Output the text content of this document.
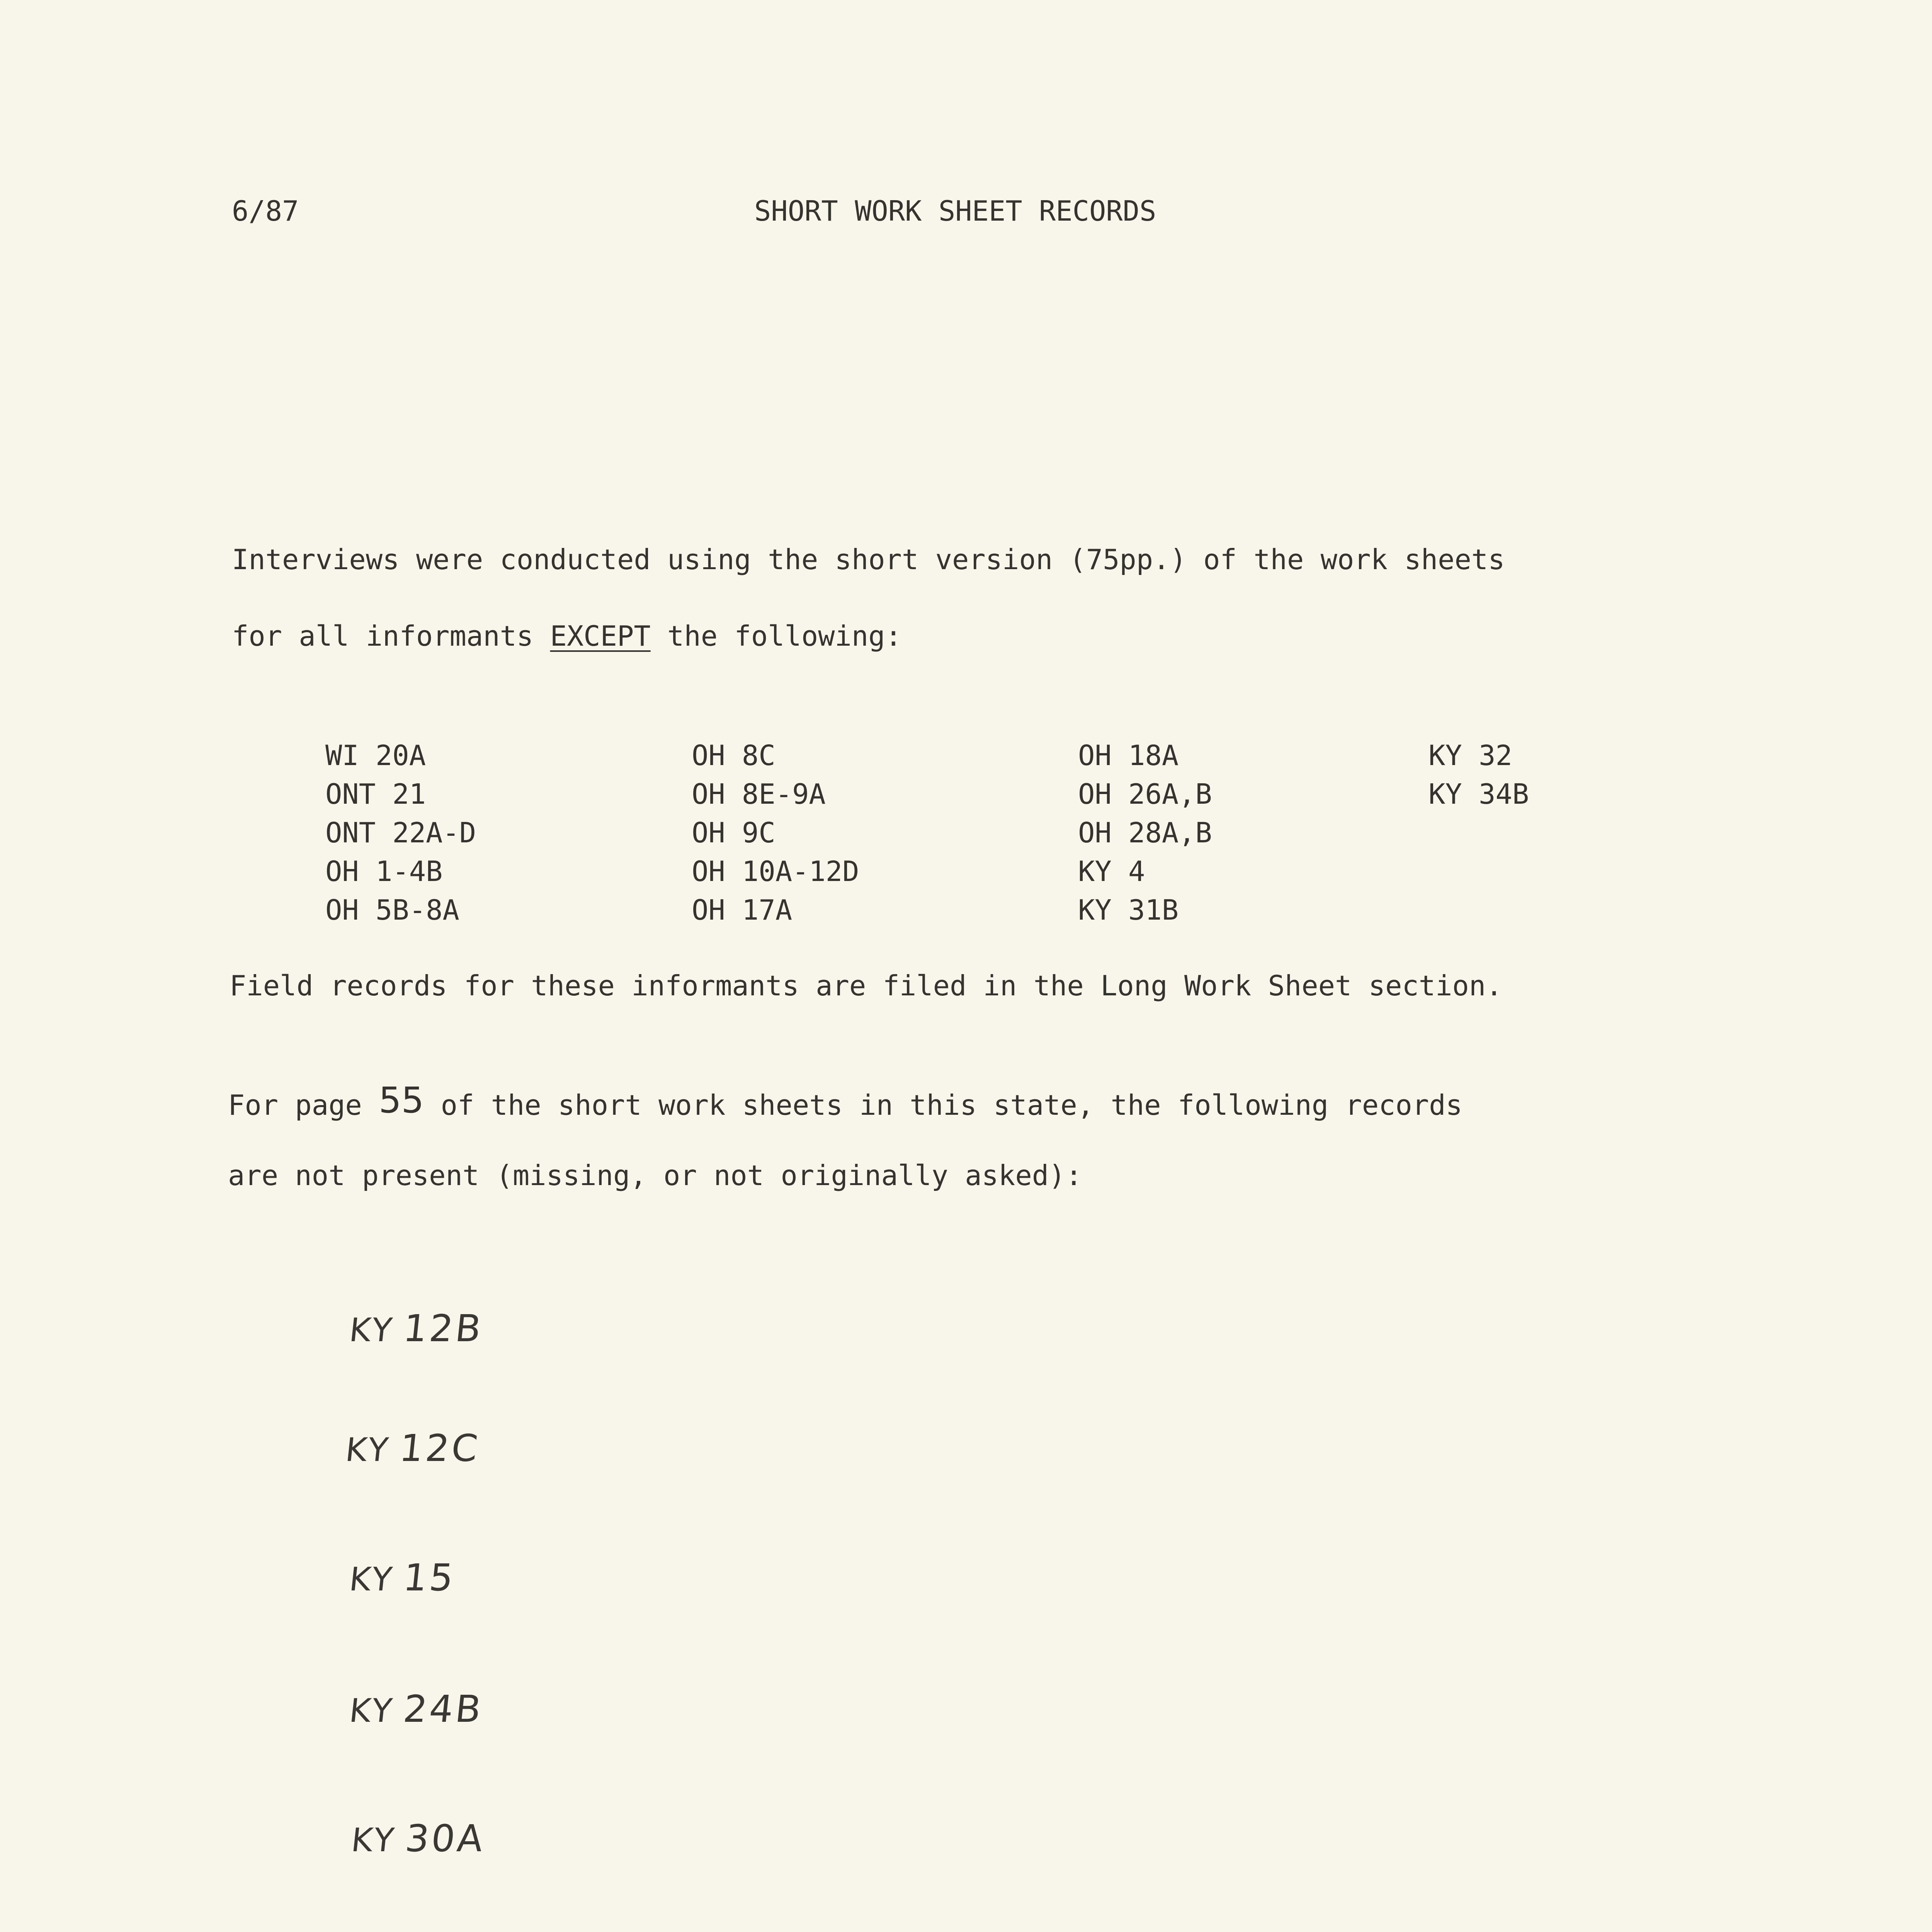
6/87	SHORT WORK SHEET RECORDS
Interviews were conducted using the short version (75pp.) of the work sheets
for all informants EXCEPT the following:
WI 20A
ONT 21
ONT 22A-D
OH 1-4B
OH 5B-8A
OH 8C
OH 8E-9A
OH 9C
OH 10A-12D
OH 17A
OH 18A
OH 26A,B
OH 28A,B
KY 4
KY 31B
KY 32
KY 34B
Field records for these informants are filed in the Long Work Sheet section.
For page 55 of the short work sheets in this state, the following records
are not present (missing, or not originally asked):
KY 12B
KY 12C
KY 15
KY 24B
KY 30A
